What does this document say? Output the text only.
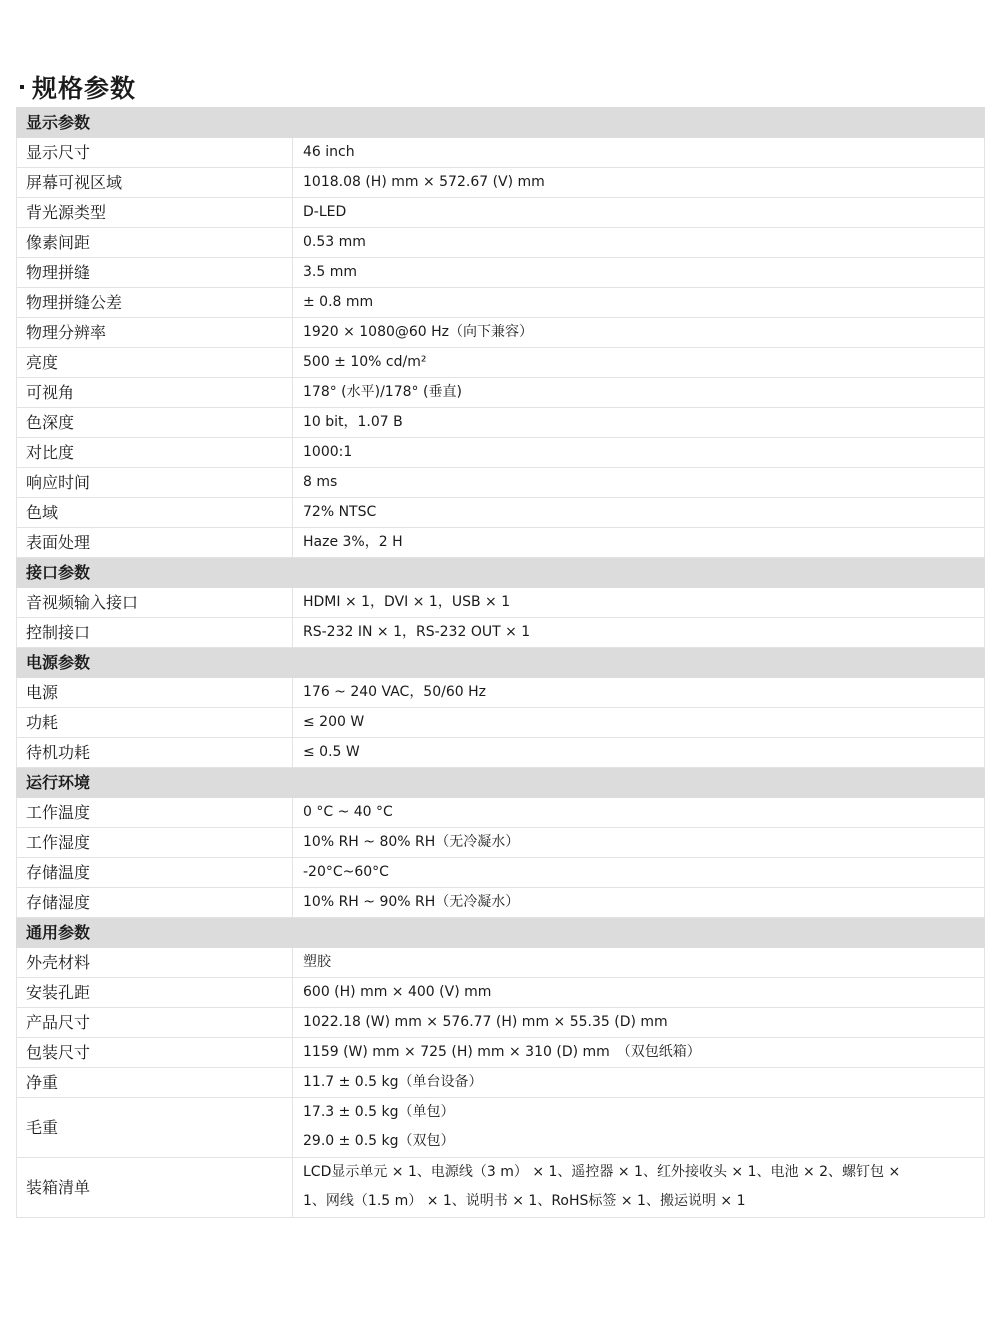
规格参数
显示参数	
显示尺寸	46 inch
屏幕可视区域	1018.08 (H) mm × 572.67 (V) mm
背光源类型	D-LED
像素间距	0.53 mm
物理拼缝	3.5 mm
物理拼缝公差	± 0.8 mm
物理分辨率	1920 × 1080@60 Hz（向下兼容）
亮度	500 ± 10% cd/m²
可视角	178° (水平)/178° (垂直)
色深度	10 bit，1.07 B
对比度	1000:1
响应时间	8 ms
色域	72% NTSC
表面处理	Haze 3%，2 H
接口参数	
音视频输入接口	HDMI × 1，DVI × 1，USB × 1
控制接口	RS-232 IN × 1，RS-232 OUT × 1
电源参数	
电源	176 ~ 240 VAC，50/60 Hz
功耗	≤ 200 W
待机功耗	≤ 0.5 W
运行环境	
工作温度	0 °C ~ 40 °C
工作湿度	10% RH ~ 80% RH（无冷凝水）
存储温度	-20°C~60°C
存储湿度	10% RH ~ 90% RH（无冷凝水）
通用参数	
外壳材料	塑胶
安装孔距	600 (H) mm × 400 (V) mm
产品尺寸	1022.18 (W) mm × 576.77 (H) mm × 55.35 (D) mm
包装尺寸	1159 (W) mm × 725 (H) mm × 310 (D) mm　（双包纸箱）
净重	11.7 ± 0.5 kg（单台设备）
毛重	17.3 ± 0.5 kg（单包）
29.0 ± 0.5 kg（双包）

装箱清单	LCD显示单元 × 1、电源线（3 m） × 1、遥控器 × 1、红外接收头 × 1、电池 × 2、螺钉包 ×
1、网线（1.5 m） × 1、说明书 × 1、RoHS标签 × 1、搬运说明 × 1
